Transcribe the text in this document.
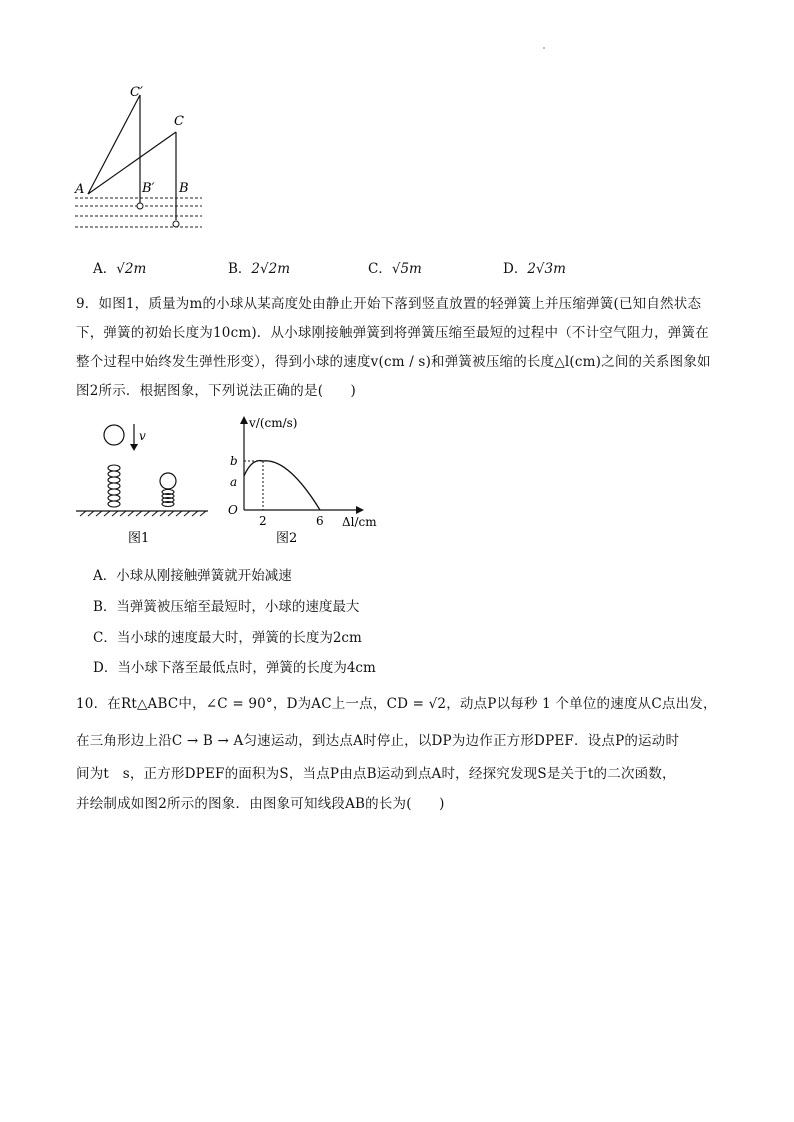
C′
C
A	B′ B
A．√2m	B．2√2m	C．√5m	D．2√3m
9．如图1，质量为m的小球从某高度处由静止开始下落到竖直放置的轻弹簧上并压缩弹簧(已知自然状态
下，弹簧的初始长度为10cm)．从小球刚接触弹簧到将弹簧压缩至最短的过程中（不计空气阻力，弹簧在
整个过程中始终发生弹性形变），得到小球的速度v(cm / s)和弹簧被压缩的长度△l(cm)之间的关系图象如
图2所示．根据图象，下列说法正确的是(　　)
v
图1
v/(cm/s)
b
a
O
2	6 Δl/cm
图2
A．小球从刚接触弹簧就开始减速
B．当弹簧被压缩至最短时，小球的速度最大
C．当小球的速度最大时，弹簧的长度为2cm
D．当小球下落至最低点时，弹簧的长度为4cm
10．在Rt△ABC中，∠C = 90°，D为AC上一点，CD = √2，动点P以每秒 1 个单位的速度从C点出发，
在三角形边上沿C → B → A匀速运动，到达点A时停止，以DP为边作正方形DPEF．设点P的运动时
间为t　s，正方形DPEF的面积为S，当点P由点B运动到点A时，经探究发现S是关于t的二次函数，
并绘制成如图2所示的图象．由图象可知线段AB的长为(　　)
